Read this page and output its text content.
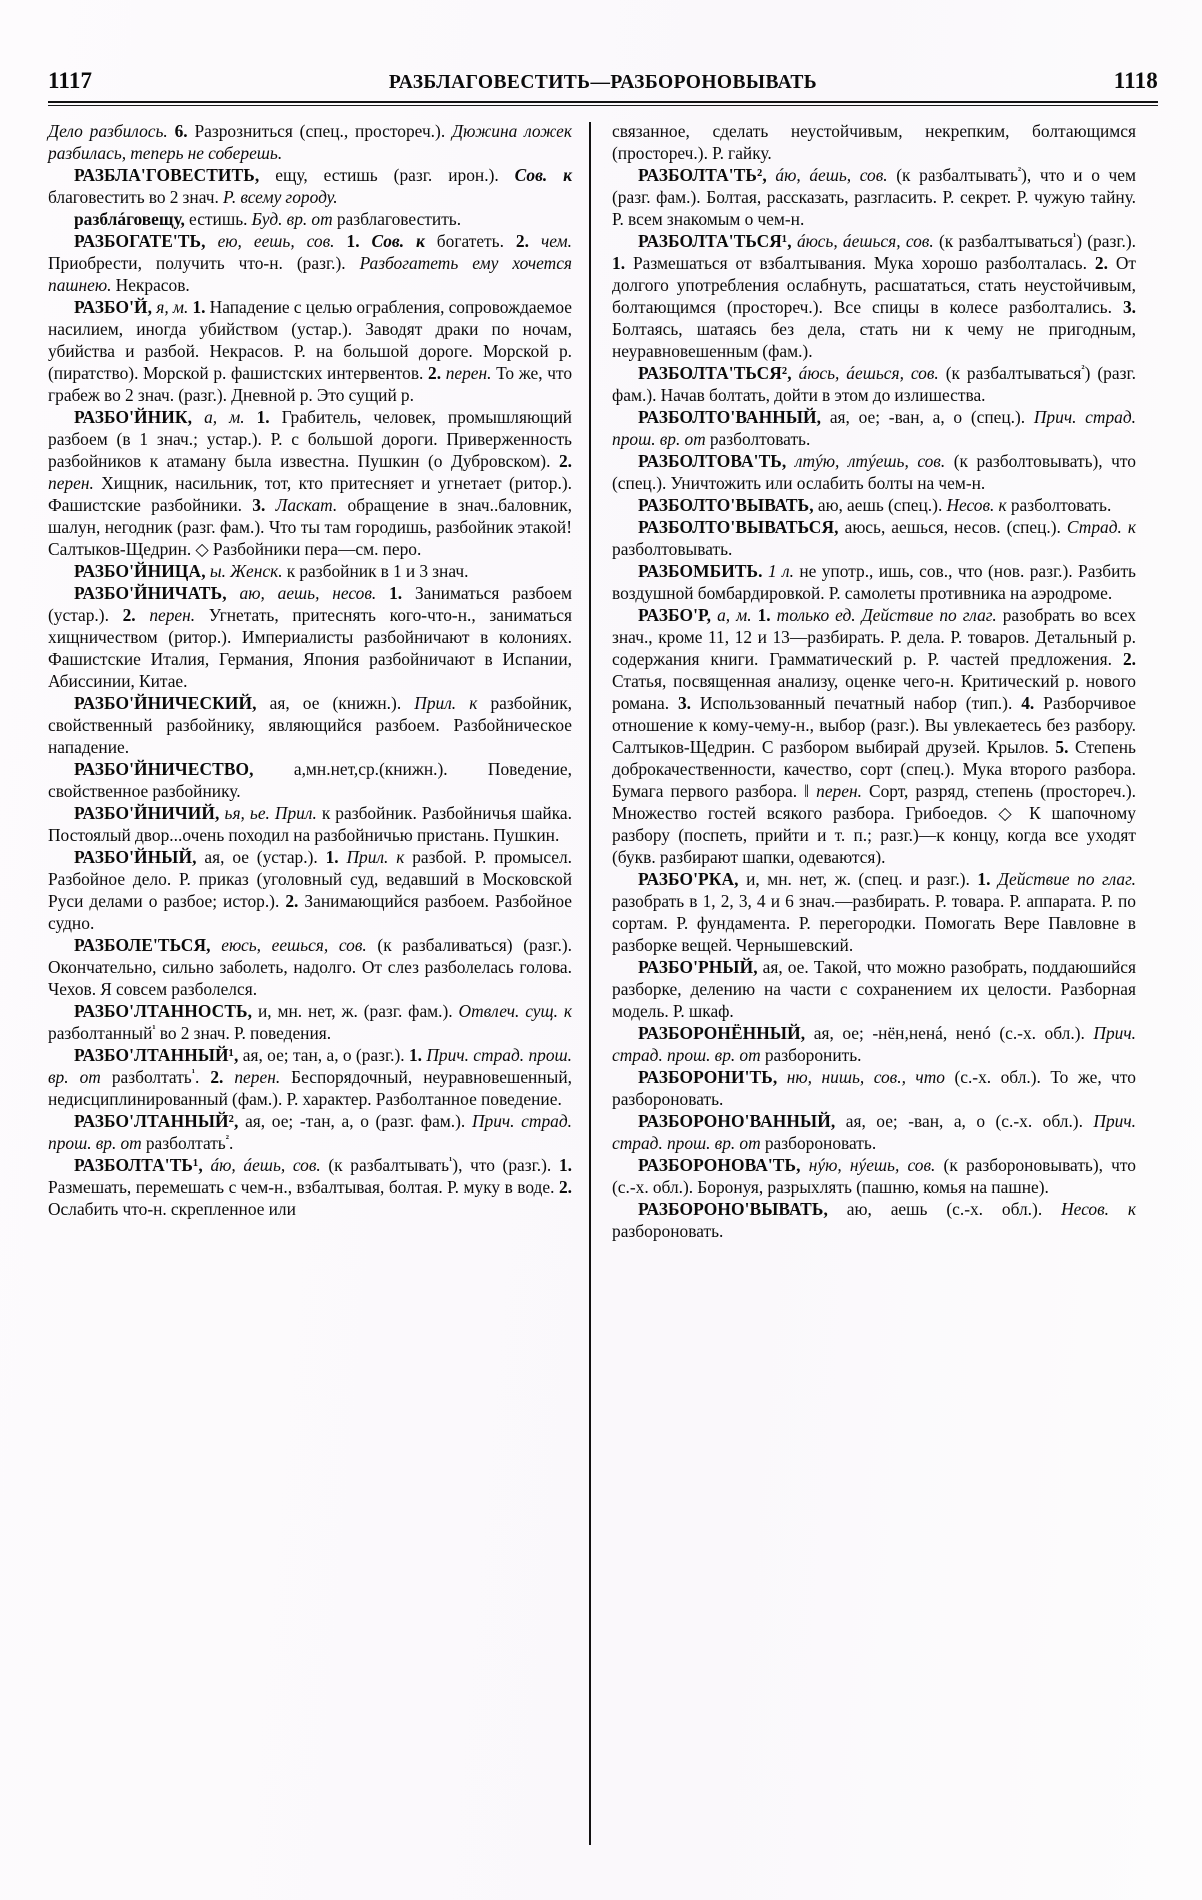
1117	РАЗБЛАГОВЕСТИТЬ—РАЗБОРОНОВЫВАТЬ	1118

Дело разбилось. 6. Разрозниться (спец., простореч.). Дюжина ложек разбилась, теперь не соберешь.

РАЗБЛА'ГОВЕСТИТЬ, ещу, естишь (разг. ирон.). Сов. к благовестить во 2 знач. Р. всему городу.

разблáговещу, естишь. Буд. вр. от разблаговестить.

РАЗБОГАТЕ'ТЬ, ею, еешь, сов. 1. Сов. к богатеть. 2. чем. Приобрести, получить что-н. (разг.). Разбогатеть ему хочется пашнею. Некрасов.

РАЗБО'Й, я, м. 1. Нападение с целью ограбления, сопровождаемое насилием, иногда убийством (устар.). Заводят драки по ночам, убийства и разбой. Некрасов. Р. на большой дороге. Морской р. (пиратство). Морской р. фашистских интервентов. 2. перен. То же, что грабеж во 2 знач. (разг.). Дневной р. Это сущий р.

РАЗБО'ЙНИК, а, м. 1. Грабитель, человек, промышляющий разбоем (в 1 знач.; устар.). Р. с большой дороги. Приверженность разбойников к атаману была известна. Пушкин (о Дубровском). 2. перен. Хищник, насильник, тот, кто притесняет и угнетает (ритор.). Фашистские разбойники. 3. Ласкат. обращение в знач..баловник, шалун, негодник (разг. фам.). Что ты там городишь, разбойник этакой! Салтыков-Щедрин. ◇ Разбойники пера—см. перо.

РАЗБО'ЙНИЦА, ы. Женск. к разбойник в 1 и 3 знач.

РАЗБО'ЙНИЧАТЬ, аю, аешь, несов. 1. Заниматься разбоем (устар.). 2. перен. Угнетать, притеснять кого-что-н., заниматься хищничеством (ритор.). Империалисты разбойничают в колониях. Фашистские Италия, Германия, Япония разбойничают в Испании, Абиссинии, Китае.

РАЗБО'ЙНИЧЕСКИЙ, ая, ое (книжн.). Прил. к разбойник, свойственный разбойнику, являющийся разбоем. Разбойническое нападение.

РАЗБО'ЙНИЧЕСТВО, а,мн.нет,ср.(книжн.). Поведение, свойственное разбойнику.

РАЗБО'ЙНИЧИЙ, ья, ье. Прил. к разбойник. Разбойничья шайка. Постоялый двор...очень походил на разбойничью пристань. Пушкин.

РАЗБО'ЙНЫЙ, ая, ое (устар.). 1. Прил. к разбой. Р. промысел. Разбойное дело. Р. приказ (уголовный суд, ведавший в Московской Руси делами о разбое; истор.). 2. Занимающийся разбоем. Разбойное судно.

РАЗБОЛЕ'ТЬСЯ, еюсь, еешься, сов. (к разбаливаться) (разг.). Окончательно, сильно заболеть, надолго. От слез разболелась голова. Чехов. Я совсем разболелся.

РАЗБО'ЛТАННОСТЬ, и, мн. нет, ж. (разг. фам.). Отвлеч. сущ. к разболтанный$^{^1}$ во 2 знач. Р. поведения.

РАЗБО'ЛТАННЫЙ¹, ая, ое; тан, а, о (разг.). 1. Прич. страд. прош. вр. от разболтать$^{^1}$. 2. перен. Беспорядочный, неуравновешенный, недисциплинированный (фам.). Р. характер. Разболтанное поведение.

РАЗБО'ЛТАННЫЙ², ая, ое; -тан, а, о (разг. фам.). Прич. страд. прош. вр. от разболтать$^{^2}$.

РАЗБОЛТА'ТЬ¹, áю, áешь, сов. (к разбалтывать$^{^1}$), что (разг.). 1. Размешать, перемешать с чем-н., взбалтывая, болтая. Р. муку в воде. 2. Ослабить что-н. скрепленное или

связанное, сделать неустойчивым, некрепким, болтающимся (простореч.). Р. гайку.

РАЗБОЛТА'ТЬ², áю, áешь, сов. (к разбалтывать$^{^2}$), что и о чем (разг. фам.). Болтая, рассказать, разгласить. Р. секрет. Р. чужую тайну. Р. всем знакомым о чем-н.

РАЗБОЛТА'ТЬСЯ¹, áюсь, áешься, сов. (к разбалтываться$^{^1}$) (разг.). 1. Размешаться от взбалтывания. Мука хорошо разболталась. 2. От долгого употребления ослабнуть, расшататься, стать неустойчивым, болтающимся (простореч.). Все спицы в колесе разболтались. 3. Болтаясь, шатаясь без дела, стать ни к чему не пригодным, неуравновешенным (фам.).

РАЗБОЛТА'ТЬСЯ², áюсь, áешься, сов. (к разбалтываться$^{^2}$) (разг. фам.). Начав болтать, дойти в этом до излишества.

РАЗБОЛТО'ВАННЫЙ, ая, ое; -ван, а, о (спец.). Прич. страд. прош. вр. от разболтовать.

РАЗБОЛТОВА'ТЬ, лтýю, лтýешь, сов. (к разболтовывать), что (спец.). Уничтожить или ослабить болты на чем-н.

РАЗБОЛТО'ВЫВАТЬ, аю, аешь (спец.). Несов. к разболтовать.

РАЗБОЛТО'ВЫВАТЬСЯ, аюсь, аешься, несов. (спец.). Страд. к разболтовывать.

РАЗБОМБИТЬ. 1 л. не употр., ишь, сов., что (нов. разг.). Разбить воздушной бомбардировкой. Р. самолеты противника на аэродроме.

РАЗБО'Р, а, м. 1. только ед. Действие по глаг. разобрать во всех знач., кроме 11, 12 и 13—разбирать. Р. дела. Р. товаров. Детальный р. содержания книги. Грамматический р. Р. частей предложения. 2. Статья, посвященная анализу, оценке чего-н. Критический р. нового романа. 3. Использованный печатный набор (тип.). 4. Разборчивое отношение к кому-чему-н., выбор (разг.). Вы увлекаетесь без разбору. Салтыков-Щедрин. С разбором выбирай друзей. Крылов. 5. Степень доброкачественности, качество, сорт (спец.). Мука второго разбора. Бумага первого разбора. ‖ перен. Сорт, разряд, степень (простореч.). Множество гостей всякого разбора. Грибоедов. ◇ К шапочному разбору (поспеть, прийти и т. п.; разг.)—к концу, когда все уходят (букв. разбирают шапки, одеваются).

РАЗБО'РКА, и, мн. нет, ж. (спец. и разг.). 1. Действие по глаг. разобрать в 1, 2, 3, 4 и 6 знач.—разбирать. Р. товара. Р. аппарата. Р. по сортам. Р. фундамента. Р. перегородки. Помогать Вере Павловне в разборке вещей. Чернышевский.

РАЗБО'РНЫЙ, ая, ое. Такой, что можно разобрать, поддаюшийся разборке, делению на части с сохранением их целости. Разборная модель. Р. шкаф.

РАЗБОРОНЁННЫЙ, ая, ое; -нён,ненá, ненó (с.-х. обл.). Прич. страд. прош. вр. от разборонить.

РАЗБОРОНИ'ТЬ, ню, нишь, сов., что (с.-х. обл.). То же, что разбороновать.

РАЗБОРОНО'ВАННЫЙ, ая, ое; -ван, а, о (с.-х. обл.). Прич. страд. прош. вр. от разбороновать.

РАЗБОРОНОВА'ТЬ, нýю, нýешь, сов. (к разбороновывать), что (с.-х. обл.). Боронуя, разрыхлять (пашню, комья на пашне).

РАЗБОРОНО'ВЫВАТЬ, аю, аешь (с.-х. обл.). Несов. к разбороновать.
